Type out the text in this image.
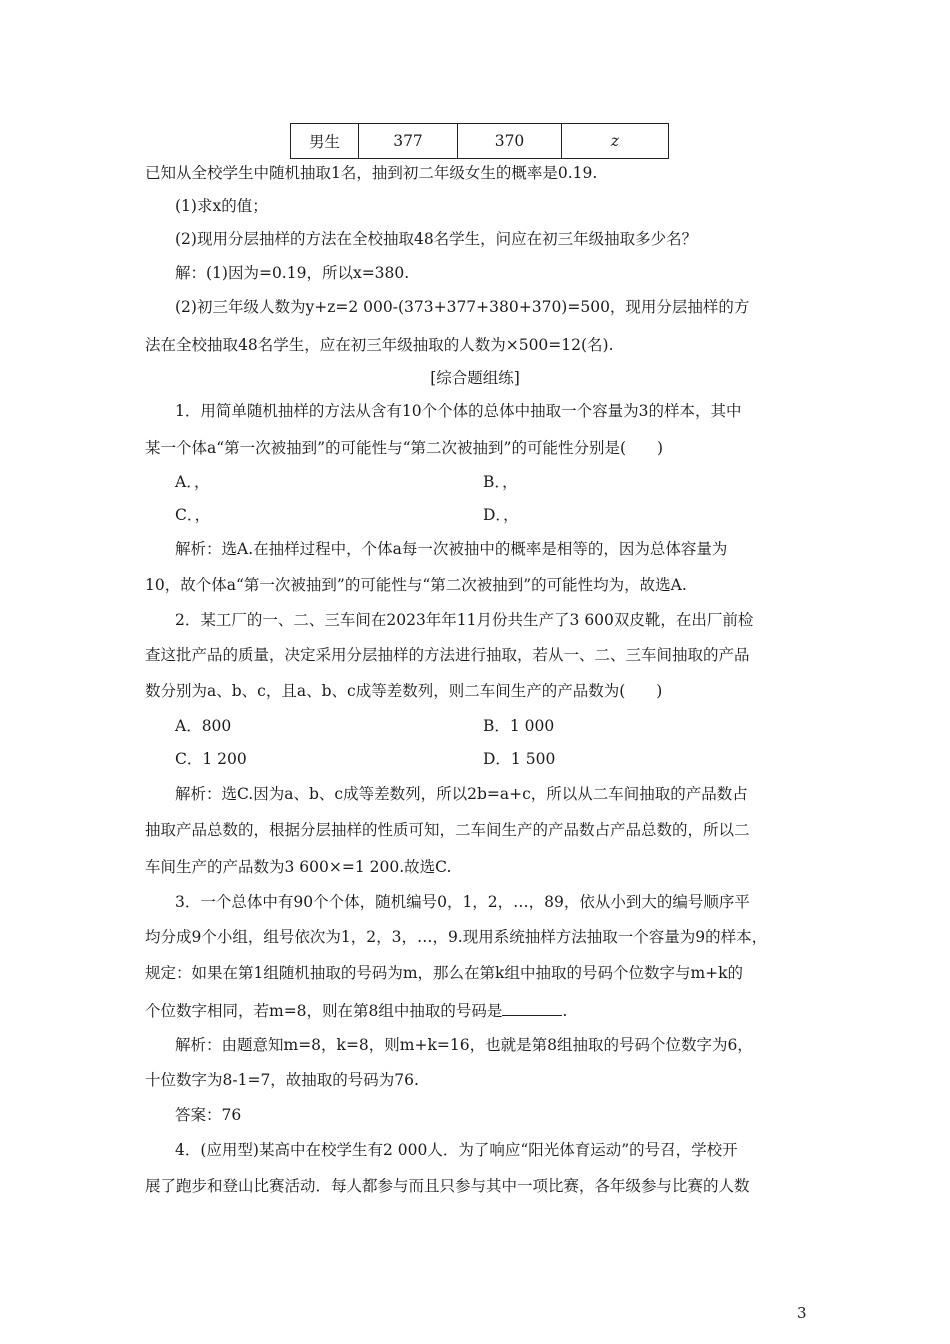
男生	377	370	z
已知从全校学生中随机抽取1名，抽到初二年级女生的概率是0.19.
(1)求x的值；
(2)现用分层抽样的方法在全校抽取48名学生，问应在初三年级抽取多少名？
解：(1)因为=0.19，所以x=380.
(2)初三年级人数为y+z=2 000-(373+377+380+370)=500，现用分层抽样的方
法在全校抽取48名学生，应在初三年级抽取的人数为×500=12(名).
[综合题组练]
1．用简单随机抽样的方法从含有10个个体的总体中抽取一个容量为3的样本，其中
某一个体a“第一次被抽到”的可能性与“第二次被抽到”的可能性分别是(　　)
A．，	B．，
C．，	D．，
解析：选A.在抽样过程中，个体a每一次被抽中的概率是相等的，因为总体容量为
10，故个体a“第一次被抽到”的可能性与“第二次被抽到”的可能性均为，故选A.
2．某工厂的一、二、三车间在2023年年11月份共生产了3 600双皮靴，在出厂前检
查这批产品的质量，决定采用分层抽样的方法进行抽取，若从一、二、三车间抽取的产品
数分别为a、b、c，且a、b、c成等差数列，则二车间生产的产品数为(　　)
A．800	B．1 000
C．1 200	D．1 500
解析：选C.因为a、b、c成等差数列，所以2b=a+c，所以从二车间抽取的产品数占
抽取产品总数的，根据分层抽样的性质可知，二车间生产的产品数占产品总数的，所以二
车间生产的产品数为3 600×=1 200.故选C.
3．一个总体中有90个个体，随机编号0，1，2，…，89，依从小到大的编号顺序平
均分成9个小组，组号依次为1，2，3，…，9.现用系统抽样方法抽取一个容量为9的样本，
规定：如果在第1组随机抽取的号码为m，那么在第k组中抽取的号码个位数字与m+k的
个位数字相同，若m=8，则在第8组中抽取的号码是	.
解析：由题意知m=8，k=8，则m+k=16，也就是第8组抽取的号码个位数字为6，
十位数字为8-1=7，故抽取的号码为76.
答案：76
4．(应用型)某高中在校学生有2 000人．为了响应“阳光体育运动”的号召，学校开
展了跑步和登山比赛活动．每人都参与而且只参与其中一项比赛，各年级参与比赛的人数
3
